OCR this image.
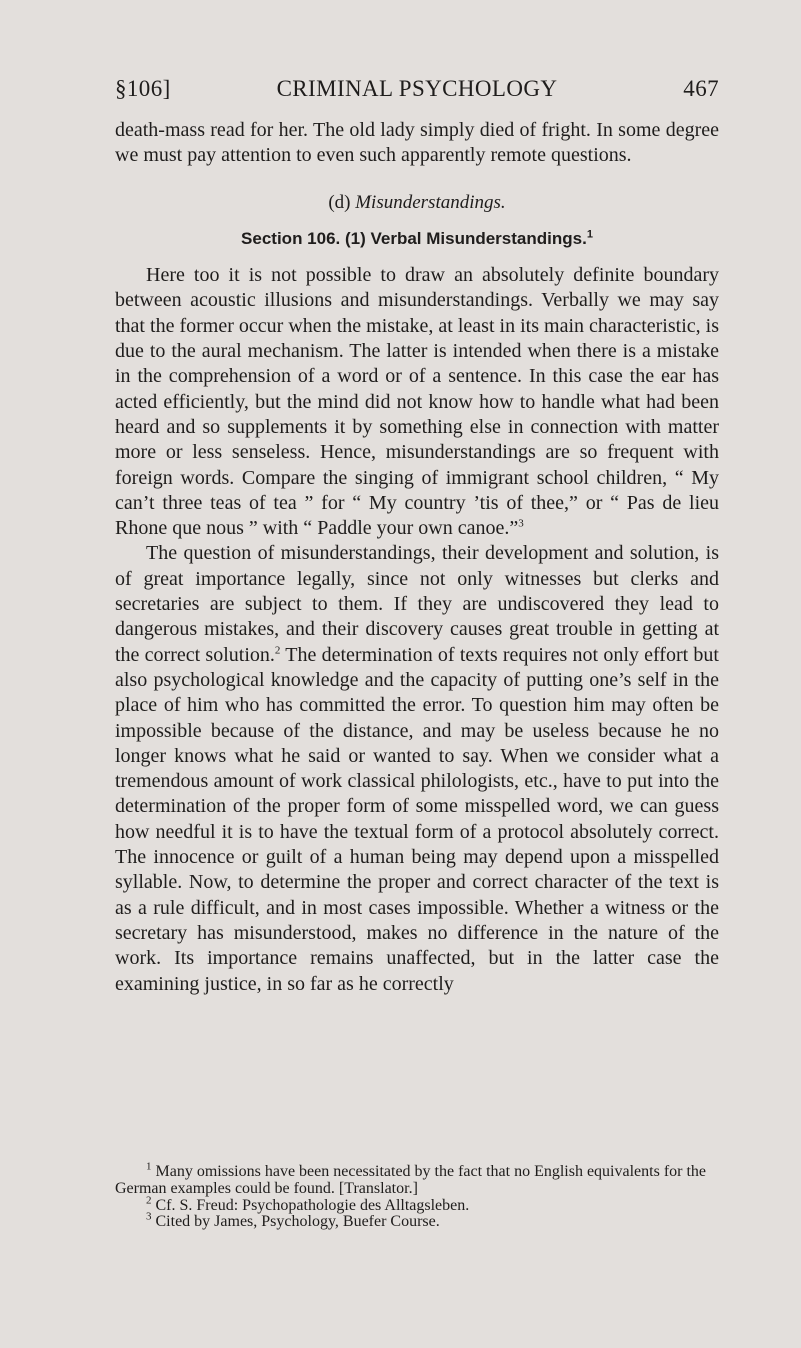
§106]	CRIMINAL PSYCHOLOGY	467

death-mass read for her. The old lady simply died of fright. In some degree we must pay attention to even such apparently remote questions.

(d) Misunderstandings.

Section 106. (1) Verbal Misunderstandings.$^1$

Here too it is not possible to draw an absolutely definite boundary between acoustic illusions and misunderstandings. Verbally we may say that the former occur when the mistake, at least in its main characteristic, is due to the aural mechanism. The latter is intended when there is a mistake in the comprehension of a word or of a sentence. In this case the ear has acted efficiently, but the mind did not know how to handle what had been heard and so supplements it by something else in connection with matter more or less senseless. Hence, misunderstandings are so frequent with foreign words. Compare the singing of immigrant school children, “ My can’t three teas of tea ” for “ My country ’tis of thee,” or “ Pas de lieu Rhone que nous ” with “ Paddle your own canoe.”$^3$

The question of misunderstandings, their development and solution, is of great importance legally, since not only witnesses but clerks and secretaries are subject to them. If they are undiscovered they lead to dangerous mistakes, and their discovery causes great trouble in getting at the correct solution.$^2$ The determination of texts requires not only effort but also psychological knowledge and the capacity of putting one’s self in the place of him who has committed the error. To question him may often be impossible because of the distance, and may be useless because he no longer knows what he said or wanted to say. When we consider what a tremendous amount of work classical philologists, etc., have to put into the determination of the proper form of some misspelled word, we can guess how needful it is to have the textual form of a protocol absolutely correct. The innocence or guilt of a human being may depend upon a misspelled syllable. Now, to determine the proper and correct character of the text is as a rule difficult, and in most cases impossible. Whether a witness or the secretary has misunderstood, makes no difference in the nature of the work. Its importance remains unaffected, but in the latter case the examining justice, in so far as he correctly

$^1$ Many omissions have been necessitated by the fact that no English equivalents for the German examples could be found. [Translator.]

$^2$ Cf. S. Freud: Psychopathologie des Alltagsleben.

$^3$ Cited by James, Psychology, Buefer Course.
